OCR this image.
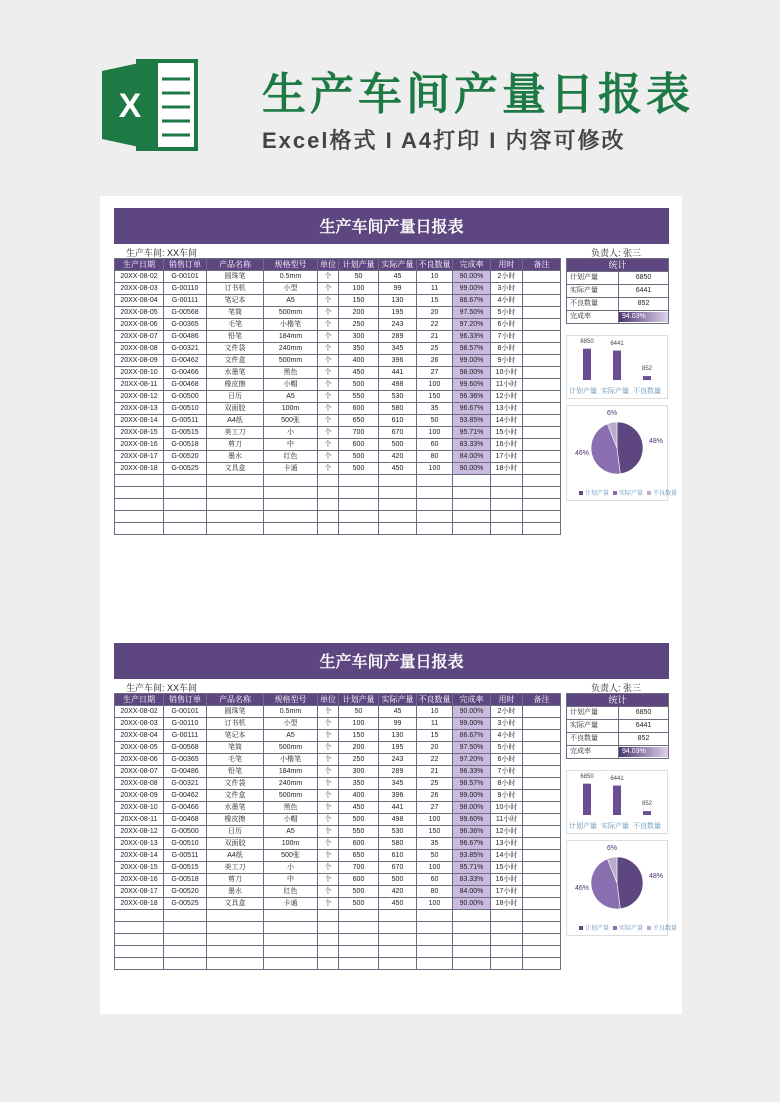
X	生产车间产量日报表
Excel格式 I A4打印 I 内容可修改
生产车间产量日报表
生产车间: XX车间	负责人: 张三
生产日期	销售订单	产品名称	规格型号	单位	计划产量	实际产量	不良数量	完成率	用时	备注
20XX-08-02	G-00101	圆珠笔	0.5mm	个	50	45	10	90.00%	2小时	
20XX-08-03	G-00110	订书机	小型	个	100	99	11	99.00%	3小时	
20XX-08-04	G-00111	笔记本	A5	个	150	130	15	86.67%	4小时	
20XX-08-05	G-00568	笔筒	500mm	个	200	195	20	97.50%	5小时	
20XX-08-06	G-00365	毛笔	小楷笔	个	250	243	22	97.20%	6小时	
20XX-08-07	G-00486	铅笔	184mm	个	300	289	21	96.33%	7小时	
20XX-08-08	G-00321	文件袋	240mm	个	350	345	25	98.57%	8小时	
20XX-08-09	G-00462	文件盒	500mm	个	400	396	26	99.00%	9小时	
20XX-08-10	G-00466	水墨笔	黑色	个	450	441	27	98.00%	10小时	
20XX-08-11	G-00468	橡皮擦	小帽	个	500	498	100	99.60%	11小时	
20XX-08-12	G-00500	日历	A5	个	550	530	150	96.36%	12小时	
20XX-08-13	G-00510	双面胶	100m	个	600	580	35	96.67%	13小时	
20XX-08-14	G-00511	A4纸	500张	个	650	610	50	93.85%	14小时	
20XX-08-15	G-00515	美工刀	小	个	700	670	100	95.71%	15小时	
20XX-08-16	G-00518	剪刀	中	个	600	500	60	83.33%	16小时	
20XX-08-17	G-00520	墨水	红色	个	500	420	80	84.00%	17小时	
20XX-08-18	G-00525	文具盒	卡通	个	500	450	100	90.00%	18小时	

统计	
计划产量	6850
实际产量	6441
不良数量	852
完成率	94.03%
6850	6441
852
计划产量 实际产量 不良数量
48%
46%
6%
计划产量 实际产量 不良数量
生产车间产量日报表
生产车间: XX车间	负责人: 张三
生产日期	销售订单	产品名称	规格型号	单位	计划产量	实际产量	不良数量	完成率	用时	备注
20XX-08-02	G-00101	圆珠笔	0.5mm	个	50	45	10	90.00%	2小时	
20XX-08-03	G-00110	订书机	小型	个	100	99	11	99.00%	3小时	
20XX-08-04	G-00111	笔记本	A5	个	150	130	15	86.67%	4小时	
20XX-08-05	G-00568	笔筒	500mm	个	200	195	20	97.50%	5小时	
20XX-08-06	G-00365	毛笔	小楷笔	个	250	243	22	97.20%	6小时	
20XX-08-07	G-00486	铅笔	184mm	个	300	289	21	96.33%	7小时	
20XX-08-08	G-00321	文件袋	240mm	个	350	345	25	98.57%	8小时	
20XX-08-09	G-00462	文件盒	500mm	个	400	396	26	99.00%	9小时	
20XX-08-10	G-00466	水墨笔	黑色	个	450	441	27	98.00%	10小时	
20XX-08-11	G-00468	橡皮擦	小帽	个	500	498	100	99.60%	11小时	
20XX-08-12	G-00500	日历	A5	个	550	530	150	96.36%	12小时	
20XX-08-13	G-00510	双面胶	100m	个	600	580	35	96.67%	13小时	
20XX-08-14	G-00511	A4纸	500张	个	650	610	50	93.85%	14小时	
20XX-08-15	G-00515	美工刀	小	个	700	670	100	95.71%	15小时	
20XX-08-16	G-00518	剪刀	中	个	600	500	60	83.33%	16小时	
20XX-08-17	G-00520	墨水	红色	个	500	420	80	84.00%	17小时	
20XX-08-18	G-00525	文具盒	卡通	个	500	450	100	90.00%	18小时	

统计	
计划产量	6850
实际产量	6441
不良数量	852
完成率	94.03%
6850	6441
852
计划产量 实际产量 不良数量
48%
46%
6%
计划产量 实际产量 不良数量
